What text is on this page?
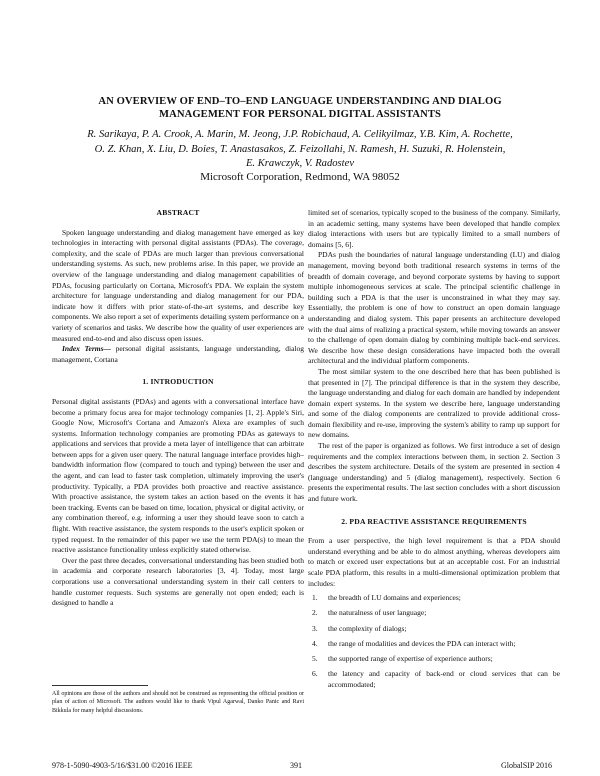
AN OVERVIEW OF END–TO–END LANGUAGE UNDERSTANDING AND DIALOG
MANAGEMENT FOR PERSONAL DIGITAL ASSISTANTS
R. Sarikaya, P. A. Crook, A. Marin, M. Jeong, J.P. Robichaud, A. Celikyilmaz, Y.B. Kim, A. Rochette,
O. Z. Khan, X. Liu, D. Boies, T. Anastasakos, Z. Feizollahi, N. Ramesh, H. Suzuki, R. Holenstein,
E. Krawczyk, V. Radostev
Microsoft Corporation, Redmond, WA 98052
ABSTRACT

Spoken language understanding and dialog management have emerged as key technologies in interacting with personal digital assistants (PDAs). The coverage, complexity, and the scale of PDAs are much larger than previous conversational understanding systems. As such, new problems arise. In this paper, we provide an overview of the language understanding and dialog management capabilities of PDAs, focusing particularly on Cortana, Microsoft's PDA. We explain the system architecture for language understanding and dialog management for our PDA, indicate how it differs with prior state-of-the-art systems, and describe key components. We also report a set of experiments detailing system performance on a variety of scenarios and tasks. We describe how the quality of user experiences are measured end-to-end and also discuss open issues.

Index Terms— personal digital assistants, language understanding, dialog management, Cortana

1. INTRODUCTION

Personal digital assistants (PDAs) and agents with a conversational interface have become a primary focus area for major technology companies [1, 2]. Apple's Siri, Google Now, Microsoft's Cortana and Amazon's Alexa are examples of such systems. Information technology companies are promoting PDAs as gateways to applications and services that provide a meta layer of intelligence that can arbitrate between apps for a given user query. The natural language interface provides high–bandwidth information flow (compared to touch and typing) between the user and the agent, and can lead to faster task completion, ultimately improving the user's productivity. Typically, a PDA provides both proactive and reactive assistance. With proactive assistance, the system takes an action based on the events it has been tracking. Events can be based on time, location, physical or digital activity, or any combination thereof, e.g. informing a user they should leave soon to catch a flight. With reactive assistance, the system responds to the user's explicit spoken or typed request. In the remainder of this paper we use the term PDA(s) to mean the reactive assistance functionality unless explicitly stated otherwise.

Over the past three decades, conversational understanding has been studied both in academia and corporate research laboratories [3, 4]. Today, most large corporations use a conversational understanding system in their call centers to handle customer requests. Such systems are generally not open ended; each is designed to handle a

All opinions are those of the authors and should not be construed as representing the official position or plan of action of Microsoft. The authors would like to thank Vipul Agarwal, Danko Panic and Ravi Bikkula for many helpful discussions.

limited set of scenarios, typically scoped to the business of the company. Similarly, in an academic setting, many systems have been developed that handle complex dialog interactions with users but are typically limited to a small numbers of domains [5, 6].

PDAs push the boundaries of natural language understanding (LU) and dialog management, moving beyond both traditional research systems in terms of the breadth of domain coverage, and beyond corporate systems by having to support multiple inhomogeneous services at scale. The principal scientific challenge in building such a PDA is that the user is unconstrained in what they may say. Essentially, the problem is one of how to construct an open domain language understanding and dialog system. This paper presents an architecture developed with the dual aims of realizing a practical system, while moving towards an answer to the challenge of open domain dialog by combining multiple back-end services. We describe how these design considerations have impacted both the overall architectural and the individual platform components.

The most similar system to the one described here that has been published is that presented in [7]. The principal difference is that in the system they describe, the language understanding and dialog for each domain are handled by independent domain expert systems. In the system we describe here, language understanding and some of the dialog components are centralized to provide additional cross-domain flexibility and re-use, improving the system's ability to ramp up support for new domains.

The rest of the paper is organized as follows. We first introduce a set of design requirements and the complex interactions between them, in section 2. Section 3 describes the system architecture. Details of the system are presented in section 4 (language understanding) and 5 (dialog management), respectively. Section 6 presents the experimental results. The last section concludes with a short discussion and future work.

2. PDA REACTIVE ASSISTANCE REQUIREMENTS

From a user perspective, the high level requirement is that a PDA should understand everything and be able to do almost anything, whereas developers aim to match or exceed user expectations but at an acceptable cost. For an industrial scale PDA platform, this results in a multi-dimensional optimization problem that includes:

1. the breadth of LU domains and experiences;
2. the naturalness of user language;
3. the complexity of dialogs;
4. the range of modalities and devices the PDA can interact with;
5. the supported range of expertise of experience authors;
6. the latency and capacity of back-end or cloud services that can be accommodated;
978-1-5090-4903-5/16/$31.00 ©2016 IEEE	391	GlobalSIP 2016
